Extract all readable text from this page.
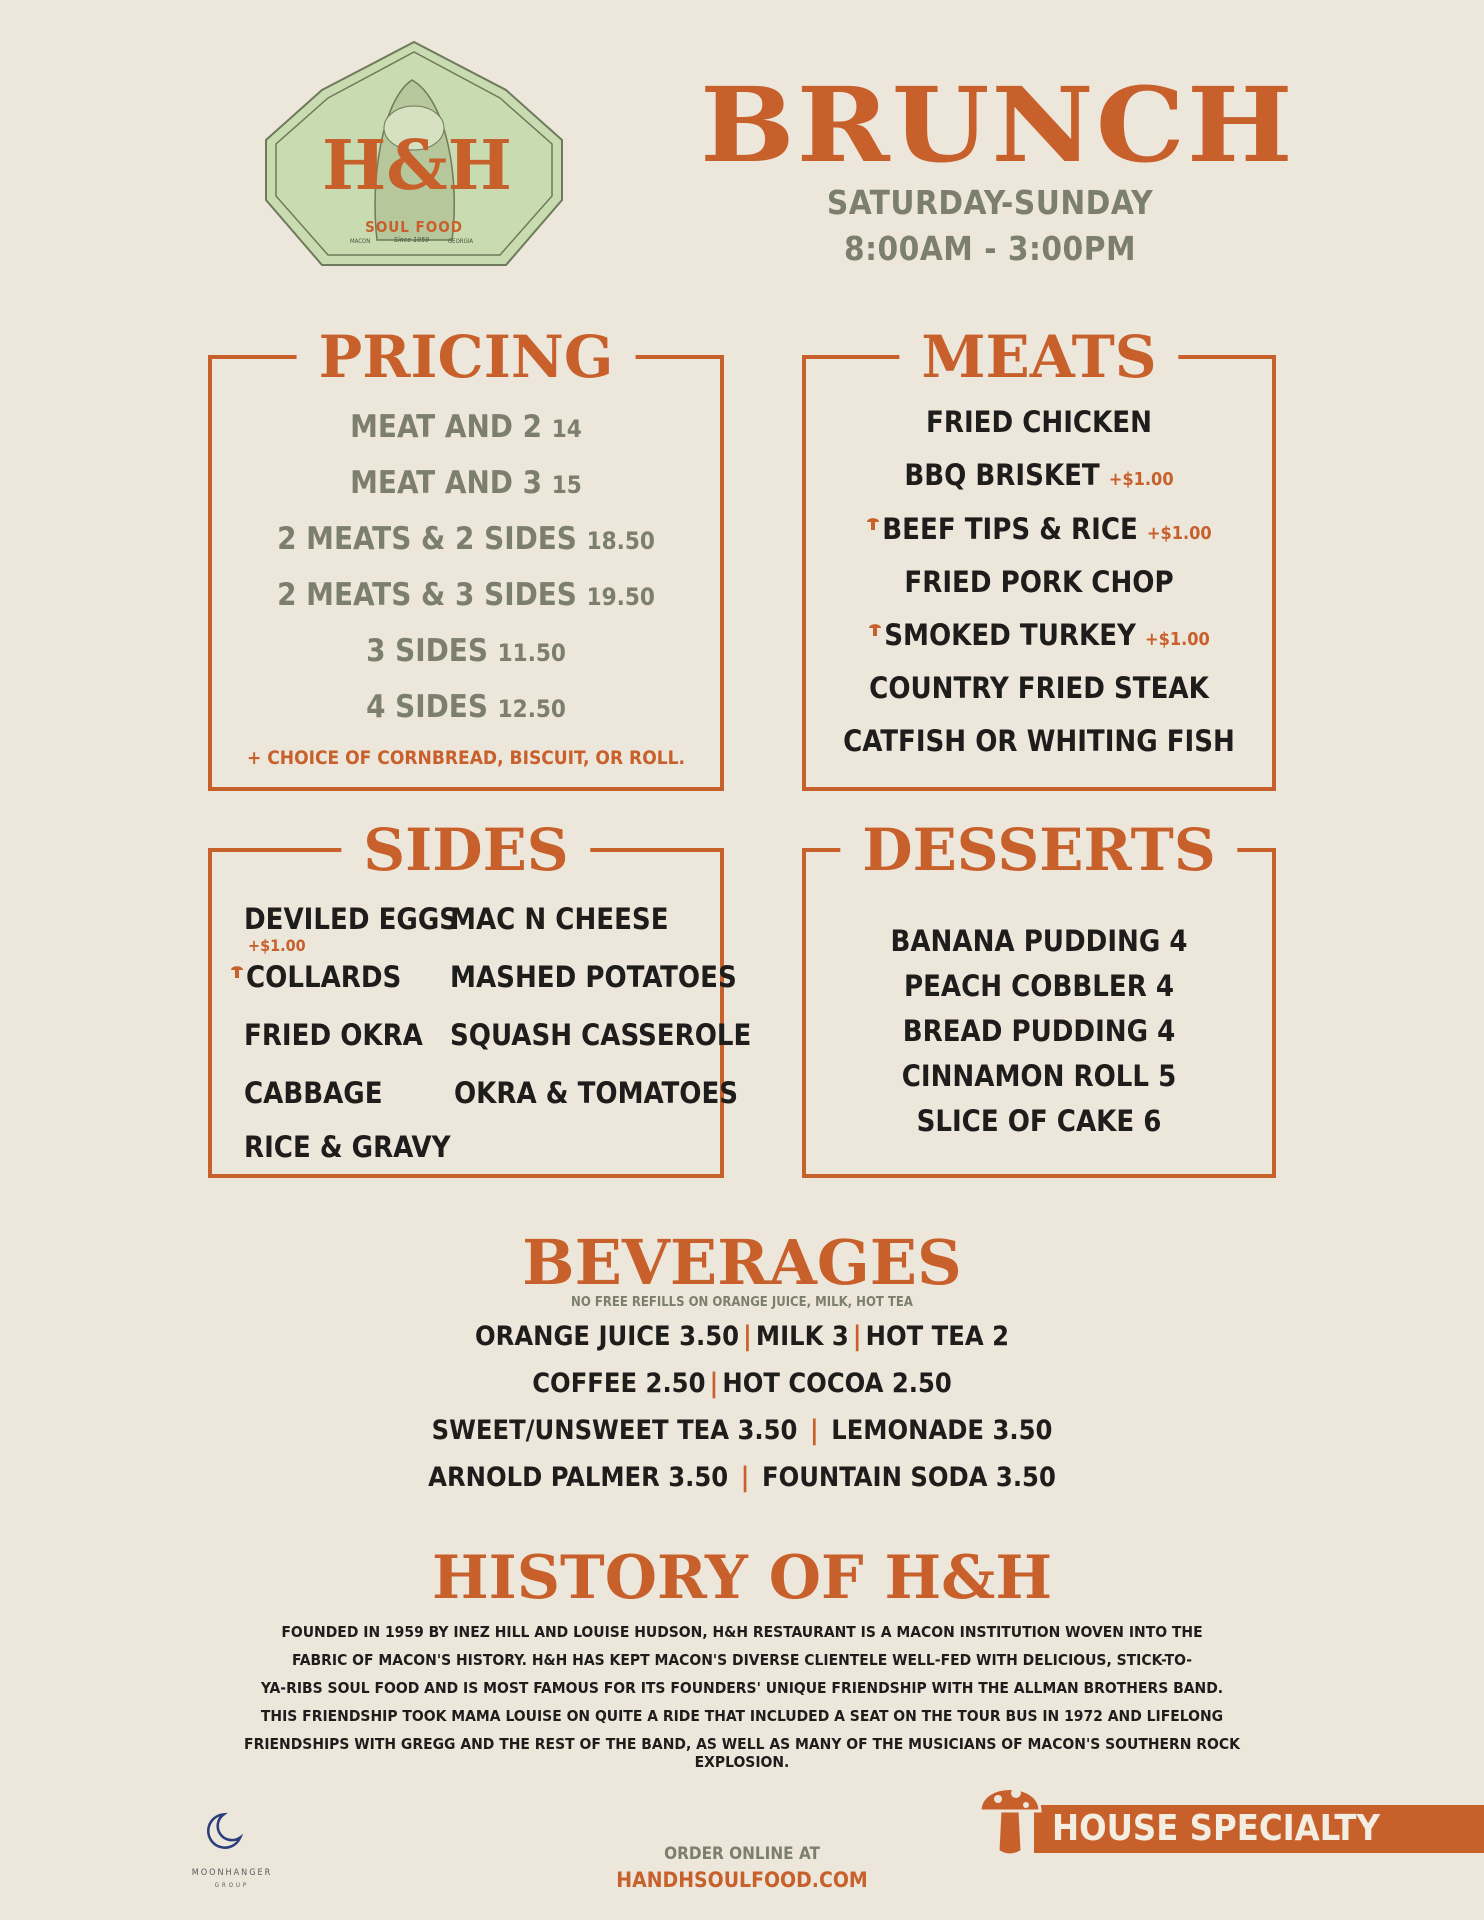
H&H
SOUL FOOD
MACON	Since 1959	GEORGIA
BRUNCH
SATURDAY-SUNDAY
8:00AM - 3:00PM
PRICING
MEAT AND 2 14
MEAT AND 3 15
2 MEATS & 2 SIDES 18.50
2 MEATS & 3 SIDES 19.50
3 SIDES 11.50
4 SIDES 12.50
+ CHOICE OF CORNBREAD, BISCUIT, OR ROLL.
MEATS
FRIED CHICKEN
BBQ BRISKET +$1.00
BEEF TIPS & RICE +$1.00
FRIED PORK CHOP
SMOKED TURKEY +$1.00
COUNTRY FRIED STEAK
CATFISH OR WHITING FISH
SIDES
DEVILED EGGS
+$1.00
COLLARDS
FRIED OKRA
CABBAGE
RICE & GRAVY
MAC N CHEESE
MASHED POTATOES
SQUASH CASSEROLE
OKRA & TOMATOES
DESSERTS
BANANA PUDDING 4
PEACH COBBLER 4
BREAD PUDDING 4
CINNAMON ROLL 5
SLICE OF CAKE 6
BEVERAGES
NO FREE REFILLS ON ORANGE JUICE, MILK, HOT TEA
ORANGE JUICE 3.50 | MILK 3 | HOT TEA 2
COFFEE 2.50 | HOT COCOA 2.50
SWEET/UNSWEET TEA 3.50 | LEMONADE 3.50
ARNOLD PALMER 3.50 | FOUNTAIN SODA 3.50
HISTORY OF H&H
FOUNDED IN 1959 BY INEZ HILL AND LOUISE HUDSON, H&H RESTAURANT IS A MACON INSTITUTION WOVEN INTO THE
FABRIC OF MACON'S HISTORY. H&H HAS KEPT MACON'S DIVERSE CLIENTELE WELL-FED WITH DELICIOUS, STICK-TO-
YA-RIBS SOUL FOOD AND IS MOST FAMOUS FOR ITS FOUNDERS' UNIQUE FRIENDSHIP WITH THE ALLMAN BROTHERS BAND.
THIS FRIENDSHIP TOOK MAMA LOUISE ON QUITE A RIDE THAT INCLUDED A SEAT ON THE TOUR BUS IN 1972 AND LIFELONG
FRIENDSHIPS WITH GREGG AND THE REST OF THE BAND, AS WELL AS MANY OF THE MUSICIANS OF MACON'S SOUTHERN ROCK EXPLOSION.
MOONHANGER
GROUP
ORDER ONLINE AT
HANDHSOULFOOD.COM
HOUSE SPECIALTY
